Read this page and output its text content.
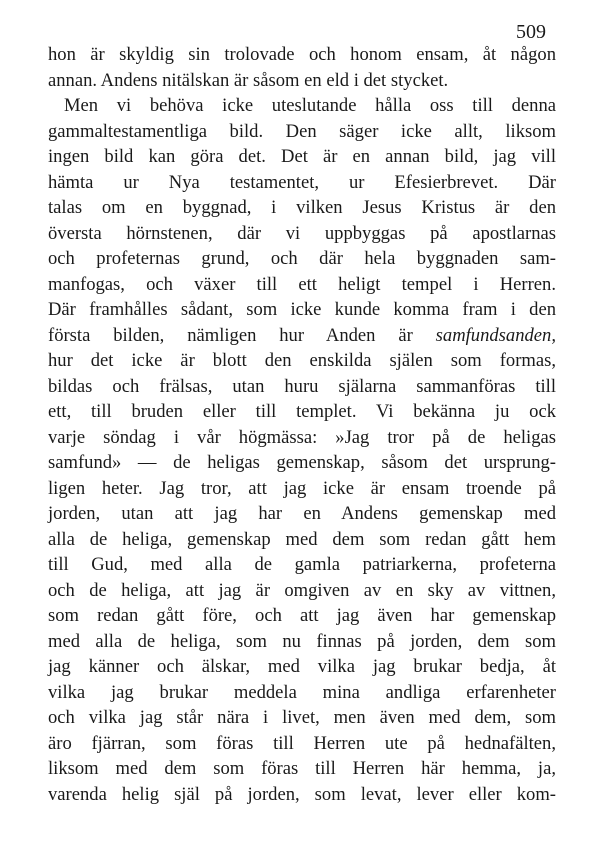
509
hon är skyldig sin trolovade och honom ensam, åt någon
annan. Andens nitälskan är såsom en eld i det stycket.
Men vi behöva icke uteslutande hålla oss till denna
gammaltestamentliga bild. Den säger icke allt, liksom
ingen bild kan göra det. Det är en annan bild, jag vill
hämta ur Nya testamentet, ur Efesierbrevet. Där
talas om en byggnad, i vilken Jesus Kristus är den
översta hörnstenen, där vi uppbyggas på apostlarnas
och profeternas grund, och där hela byggnaden sam-
manfogas, och växer till ett heligt tempel i Herren.
Där framhålles sådant, som icke kunde komma fram i den
första bilden, nämligen hur Anden är samfundsanden,
hur det icke är blott den enskilda själen som formas,
bildas och frälsas, utan huru själarna sammanföras till
ett, till bruden eller till templet. Vi bekänna ju ock
varje söndag i vår högmässa: »Jag tror på de heligas
samfund» — de heligas gemenskap, såsom det ursprung-
ligen heter. Jag tror, att jag icke är ensam troende på
jorden, utan att jag har en Andens gemenskap med
alla de heliga, gemenskap med dem som redan gått hem
till Gud, med alla de gamla patriarkerna, profeterna
och de heliga, att jag är omgiven av en sky av vittnen,
som redan gått före, och att jag även har gemenskap
med alla de heliga, som nu finnas på jorden, dem som
jag känner och älskar, med vilka jag brukar bedja, åt
vilka jag brukar meddela mina andliga erfarenheter
och vilka jag står nära i livet, men även med dem, som
äro fjärran, som föras till Herren ute på hednafälten,
liksom med dem som föras till Herren här hemma, ja,
varenda helig själ på jorden, som levat, lever eller kom-
